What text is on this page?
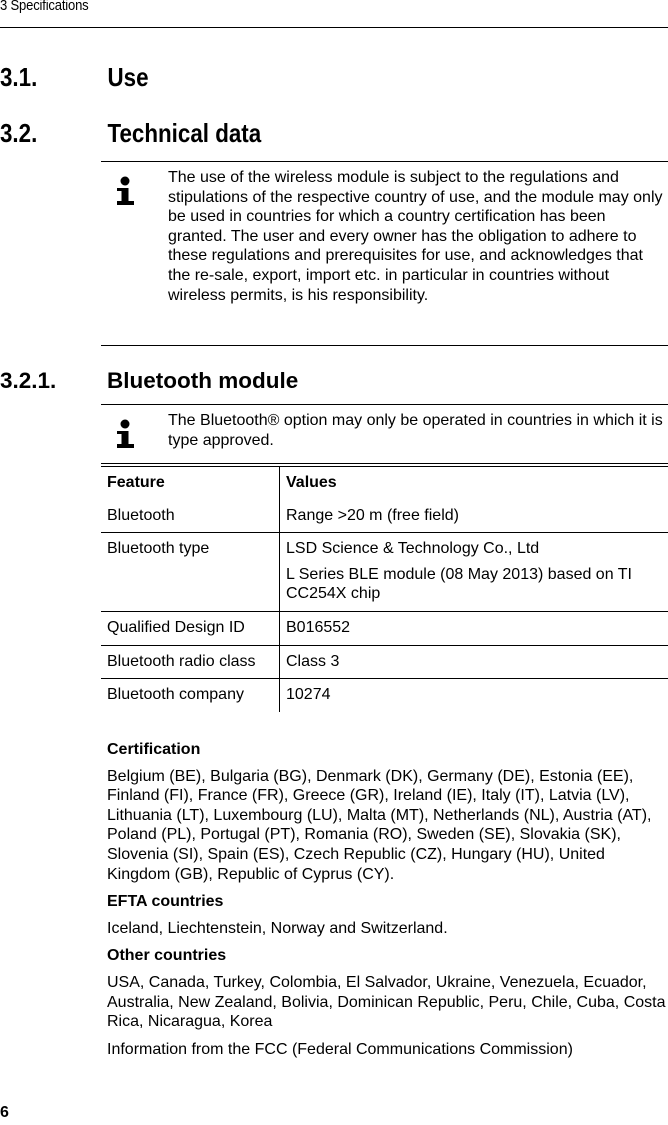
3 Specifications
3.1.	Use
3.2.	Technical data
The use of the wireless module is subject to the regulations and stipulations of the respective country of use, and the module may only be used in countries for which a country certification has been granted. The user and every owner has the obligation to adhere to these regulations and prerequisites for use, and acknowledges that the re-sale, export, import etc. in particular in countries without wireless permits, is his responsibility.
3.2.1. Bluetooth module
The Bluetooth® option may only be operated in countries in which it is type approved.
Feature	Values
Bluetooth	Range >20 m (free field)

Bluetooth type	LSD Science & Technology Co., Ltd

L Series BLE module (08 May 2013) based on TI CC254X chip

Qualified Design ID	B016552

Bluetooth radio class	Class 3

Bluetooth company	10274

Certification
Belgium (BE), Bulgaria (BG), Denmark (DK), Germany (DE), Estonia (EE), Finland (FI), France (FR), Greece (GR), Ireland (IE), Italy (IT), Latvia (LV), Lithuania (LT), Luxembourg (LU), Malta (MT), Netherlands (NL), Austria (AT), Poland (PL), Portugal (PT), Romania (RO), Sweden (SE), Slovakia (SK), Slovenia (SI), Spain (ES), Czech Republic (CZ), Hungary (HU), United Kingdom (GB), Republic of Cyprus (CY).
EFTA countries
Iceland, Liechtenstein, Norway and Switzerland.
Other countries
USA, Canada, Turkey, Colombia, El Salvador, Ukraine, Venezuela, Ecuador, Australia, New Zealand, Bolivia, Dominican Republic, Peru, Chile, Cuba, Costa Rica, Nicaragua, Korea
Information from the FCC (Federal Communications Commission)
6
